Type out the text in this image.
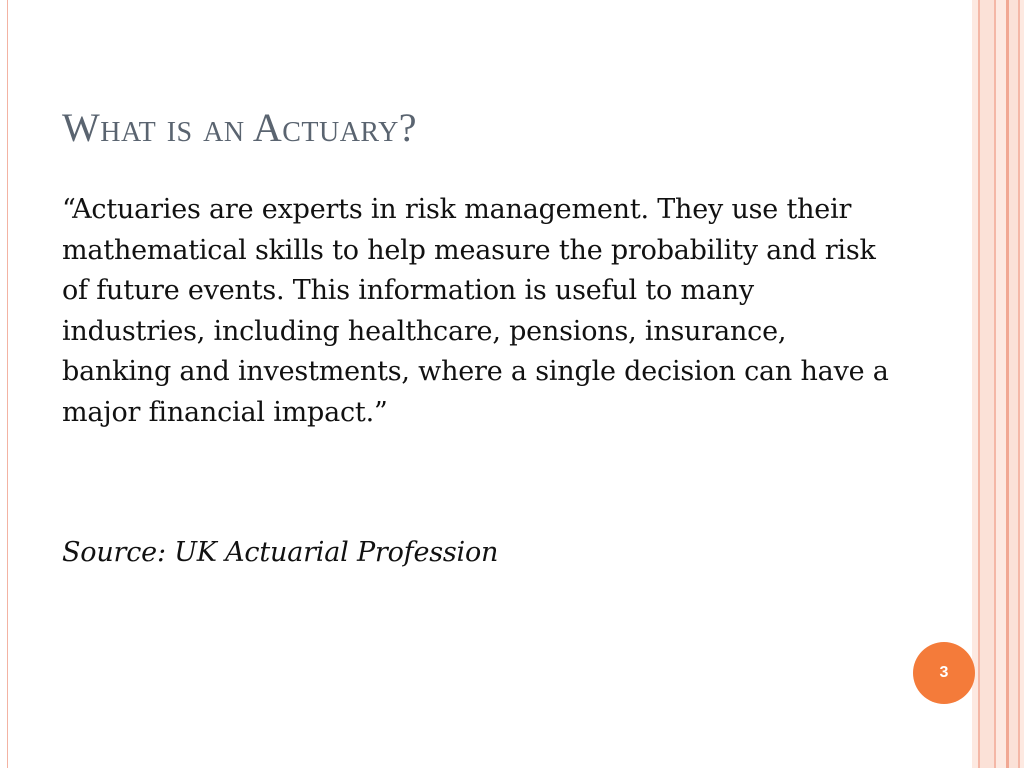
What is an Actuary?

“Actuaries are experts in risk management. They use their mathematical skills to help measure the probability and risk of future events. This information is useful to many industries, including healthcare, pensions, insurance, banking and investments, where a single decision can have a major financial impact.”

Source: UK Actuarial Profession

3
